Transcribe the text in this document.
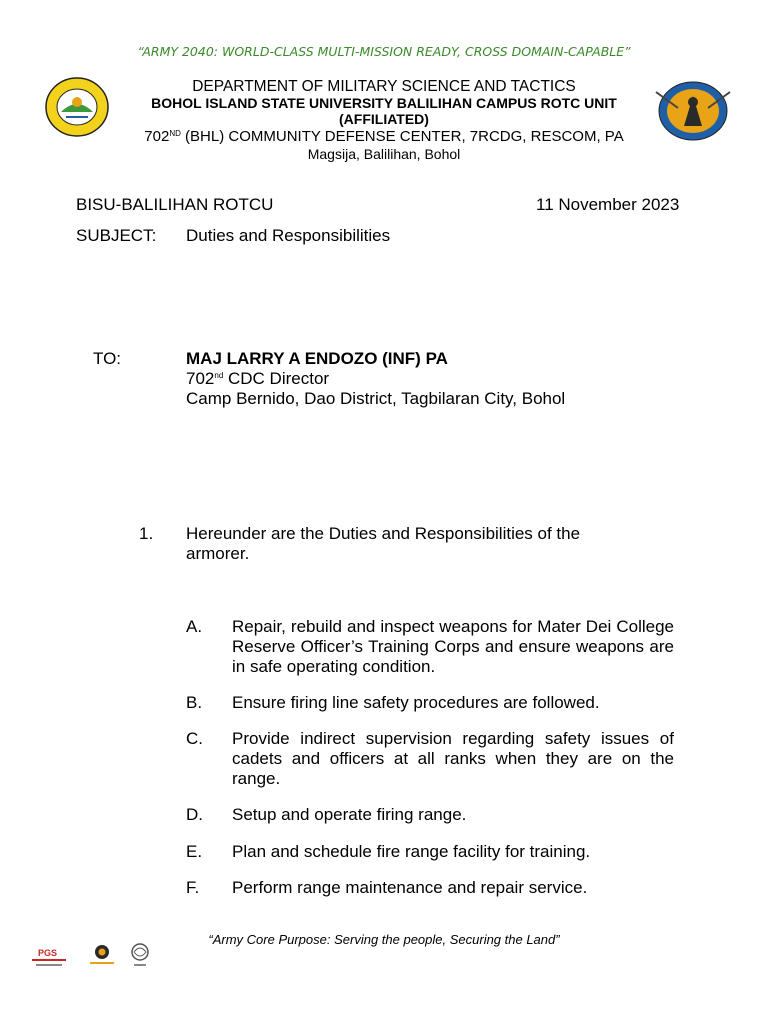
“ARMY 2040: WORLD-CLASS MULTI-MISSION READY, CROSS DOMAIN-CAPABLE”
DEPARTMENT OF MILITARY SCIENCE AND TACTICS
BOHOL ISLAND STATE UNIVERSITY BALILIHAN CAMPUS ROTC UNIT
(AFFILIATED)
702ND (BHL) COMMUNITY DEFENSE CENTER, 7RCDG, RESCOM, PA
Magsija, Balilihan, Bohol
BISU-BALILIHAN ROTCU	11 November 2023
SUBJECT: Duties and Responsibilities
TO:	MAJ LARRY A ENDOZO (INF) PA
702nd CDC Director
Camp Bernido, Dao District, Tagbilaran City, Bohol
1. Hereunder are the Duties and Responsibilities of the armorer.
A. Repair, rebuild and inspect weapons for Mater Dei College Reserve Officer’s Training Corps and ensure weapons are in safe operating condition.
B. Ensure firing line safety procedures are followed.
C. Provide indirect supervision regarding safety issues of cadets and officers at all ranks when they are on the range.
D. Setup and operate firing range.
E. Plan and schedule fire range facility for training.
F. Perform range maintenance and repair service.
“Army Core Purpose: Serving the people, Securing the Land”
PGS
